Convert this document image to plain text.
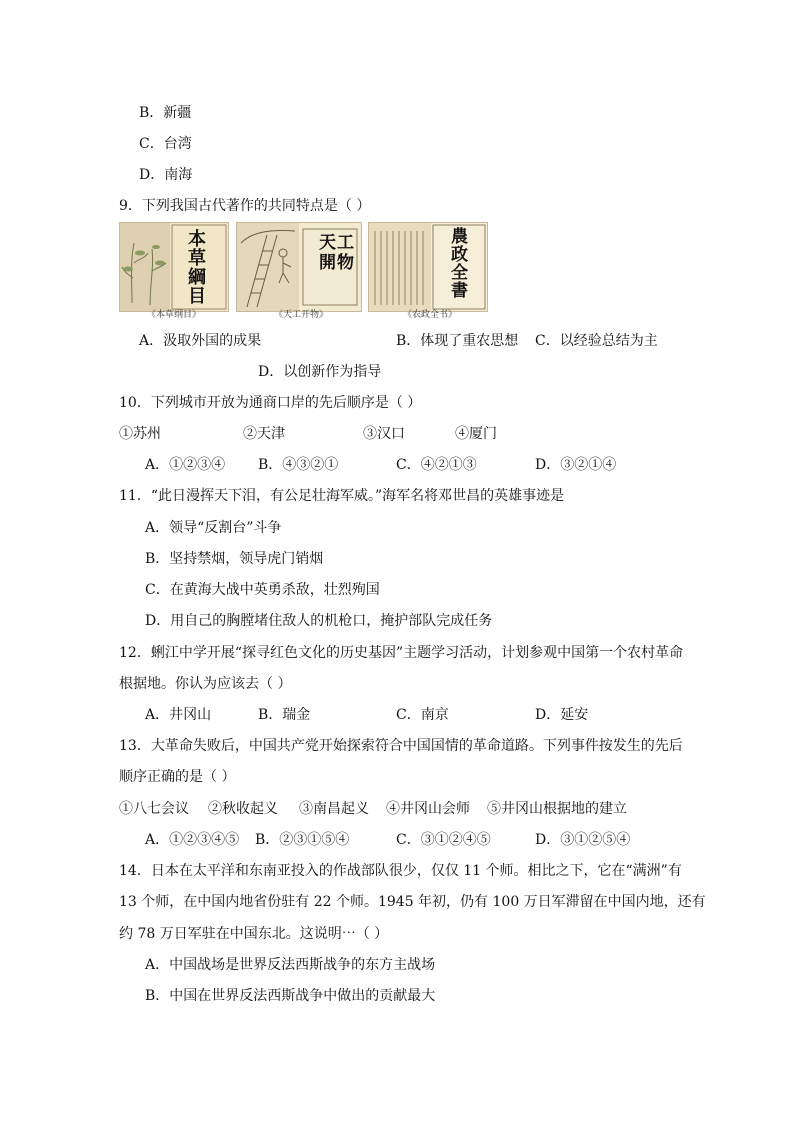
B．新疆
C．台湾
D．南海
9．下列我国古代著作的共同特点是（ ）
本草綱目
《本草纲目》
天工開物
《天工开物》
農政全書
《农政全书》
A．汲取外国的成果	B．体现了重农思想 C．以经验总结为主
D．以创新作为指导
10．下列城市开放为通商口岸的先后顺序是（ ）
①苏州	②天津	③汉口	④厦门
A．①②③④ B．④③②①	C．④②①③	D．③②①④
11．“此日漫挥天下泪，有公足壮海军威。”海军名将邓世昌的英雄事迹是
A．领导“反割台”斗争
B．坚持禁烟，领导虎门销烟
C．在黄海大战中英勇杀敌，壮烈殉国
D．用自己的胸膛堵住敌人的机枪口，掩护部队完成任务
12．蜊江中学开展“探寻红色文化的历史基因”主题学习活动，计划参观中国第一个农村革命
根据地。你认为应该去（ ）
A．井冈山	B．瑞金	C．南京	D．延安
13．大革命失败后，中国共产党开始探索符合中国国情的革命道路。下列事件按发生的先后
顺序正确的是（ ）
①八七会议 ②秋收起义 ③南昌起义 ④井冈山会师 ⑤井冈山根据地的建立
A．①②③④⑤ B．②③①⑤④	C．③①②④⑤	D．③①②⑤④
14．日本在太平洋和东南亚投入的作战部队很少，仅仅 11 个师。相比之下，它在“满洲”有
13 个师，在中国内地省份驻有 22 个师。1945 年初，仍有 100 万日军滞留在中国内地，还有
约 78 万日军驻在中国东北。这说明⋯（ ）
A．中国战场是世界反法西斯战争的东方主战场
B．中国在世界反法西斯战争中做出的贡献最大
